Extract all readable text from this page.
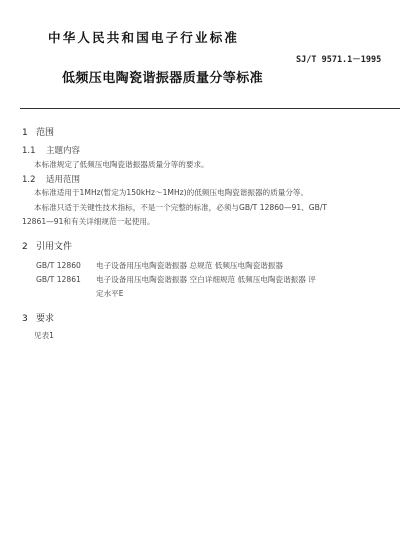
中华人民共和国电子行业标准
SJ/T 9571.1－1995
低频压电陶瓷谐振器质量分等标准
1 范围
1.1 主题内容
本标准规定了低频压电陶瓷谐振器质量分等的要求。
1.2 适用范围
本标准适用于1MHz(暂定为150kHz～1MHz)的低频压电陶瓷谐振器的质量分等。
本标准只适于关键性技术指标，不是一个完整的标准，必须与GB/T 12860—91、GB/T
12861—91和有关详细规范一起使用。
2 引用文件
GB/T 12860 电子设备用压电陶瓷谐振器 总规范 低频压电陶瓷谐振器
GB/T 12861 电子设备用压电陶瓷谐振器 空白详细规范 低频压电陶瓷谐振器 评
定水平E
3 要求
见表1
